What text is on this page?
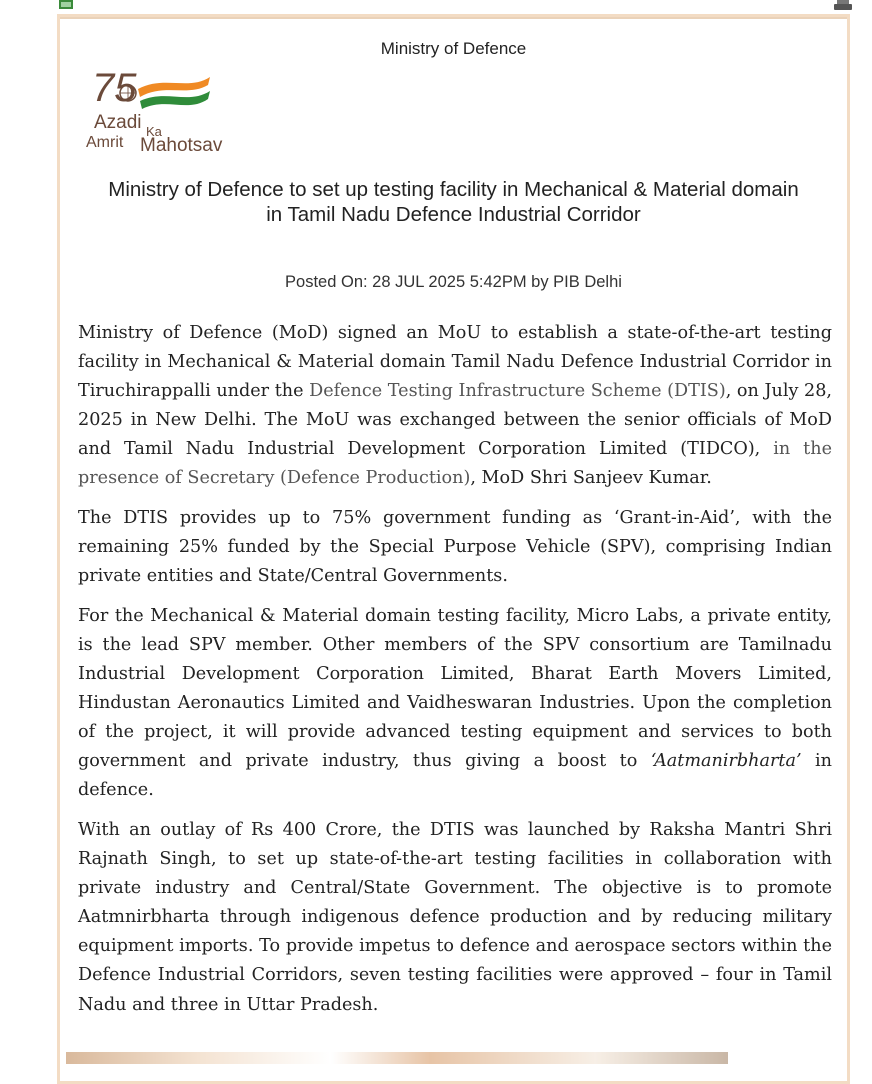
Ministry of Defence
75
Azadi Ka
Amrit Mahotsav
Ministry of Defence to set up testing facility in Mechanical & Material domain in Tamil Nadu Defence Industrial Corridor
Posted On: 28 JUL 2025 5:42PM by PIB Delhi

Ministry of Defence (MoD) signed an MoU to establish a state-of-the-art testing facility in Mechanical & Material domain Tamil Nadu Defence Industrial Corridor in Tiruchirappalli under the Defence Testing Infrastructure Scheme (DTIS), on July 28, 2025 in New Delhi. The MoU was exchanged between the senior officials of MoD and Tamil Nadu Industrial Development Corporation Limited (TIDCO), in the presence of Secretary (Defence Production), MoD Shri Sanjeev Kumar.

The DTIS provides up to 75% government funding as ‘Grant-in-Aid’, with the remaining 25% funded by the Special Purpose Vehicle (SPV), comprising Indian private entities and State/Central Governments.

For the Mechanical & Material domain testing facility, Micro Labs, a private entity, is the lead SPV member. Other members of the SPV consortium are Tamilnadu Industrial Development Corporation Limited, Bharat Earth Movers Limited, Hindustan Aeronautics Limited and Vaidheswaran Industries. Upon the completion of the project, it will provide advanced testing equipment and services to both government and private industry, thus giving a boost to ‘Aatmanirbharta’ in defence.

With an outlay of Rs 400 Crore, the DTIS was launched by Raksha Mantri Shri Rajnath Singh, to set up state-of-the-art testing facilities in collaboration with private industry and Central/State Government. The objective is to promote Aatmnirbharta through indigenous defence production and by reducing military equipment imports. To provide impetus to defence and aerospace sectors within the Defence Industrial Corridors, seven testing facilities were approved – four in Tamil Nadu and three in Uttar Pradesh.
